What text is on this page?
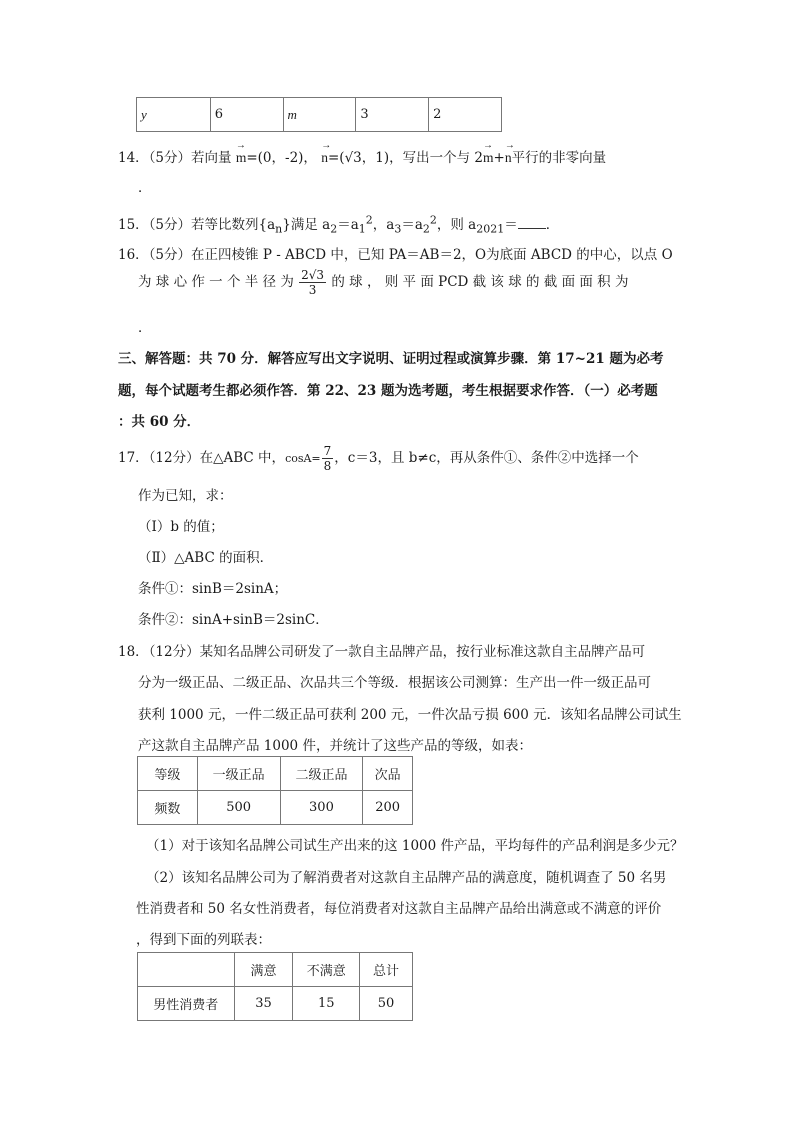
y	6	m	3	2
14．（5分）若向量 → m=(0，-2)， → n=(√3，1)，写出一个与 2→ m+→ n平行的非零向量
．
15．（5分）若等比数列$\{a_n\}$满足 $a_2=a_1^2$，$a_3=a_2^2$，则 $a_{2021}=$ ．
16．（5分）在正四棱锥 P - ABCD 中，已知 PA＝AB＝2，O为底面 ABCD 的中心，以点 O
为 球 心 作 一 个 半 径 为 $\frac{2√3}{3}$ 的 球 ， 则 平 面 PCD 截 该 球 的 截 面 面 积 为
．
三、解答题：共 70 分．解答应写出文字说明、证明过程或演算步骤．第 17~21 题为必考
题，每个试题考生都必须作答．第 22、23 题为选考题，考生根据要求作答．（一）必考题
：共 60 分．
17．（12分）在△ABC 中，$\cos A= \frac{7}{8}$ ，c＝3，且 b≠c，再从条件①、条件②中选择一个
作为已知，求：
（Ⅰ）b 的值；
（Ⅱ）△ABC 的面积．
条件①：sinB＝2sinA；
条件②：sinA+sinB＝2sinC．
18．（12分）某知名品牌公司研发了一款自主品牌产品，按行业标准这款自主品牌产品可
分为一级正品、二级正品、次品共三个等级．根据该公司测算：生产出一件一级正品可
获利 1000 元，一件二级正品可获利 200 元，一件次品亏损 600 元．该知名品牌公司试生
产这款自主品牌产品 1000 件，并统计了这些产品的等级，如表：
等级	一级正品	二级正品	次品
频数	500	300	200
（1）对于该知名品牌公司试生产出来的这 1000 件产品，平均每件的产品利润是多少元？
（2）该知名品牌公司为了解消费者对这款自主品牌产品的满意度，随机调查了 50 名男
性消费者和 50 名女性消费者，每位消费者对这款自主品牌产品给出满意或不满意的评价
，得到下面的列联表：
	满意	不满意	总计
男性消费者	35	15	50
